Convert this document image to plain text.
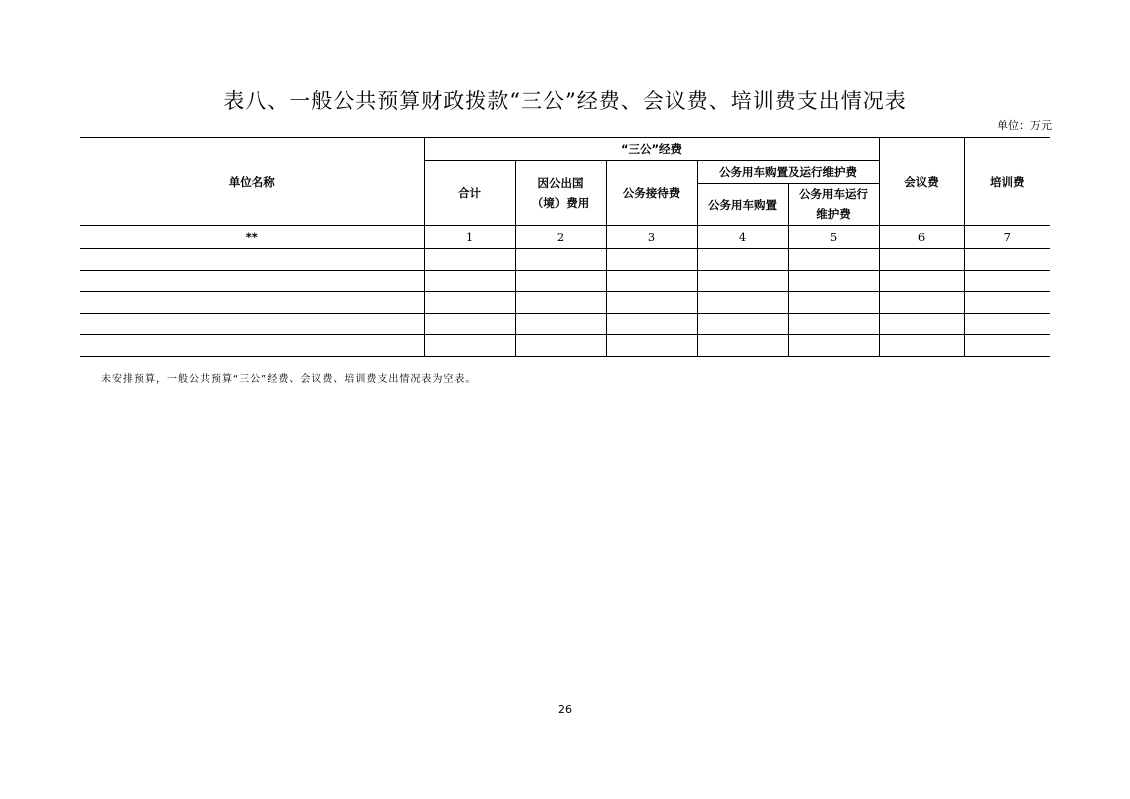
表八、一般公共预算财政拨款“三公”经费、会议费、培训费支出情况表
单位：万元
单位名称	“三公”经费					会议费	培训费
	合计	因公出国（境）费用	公务接待费	公务用车购置及运行维护费			
				公务用车购置	公务用车运行维护费		
**	1	2	3	4	5	6	7

未安排预算，一般公共预算“三公”经费、会议费、培训费支出情况表为空表。
26
